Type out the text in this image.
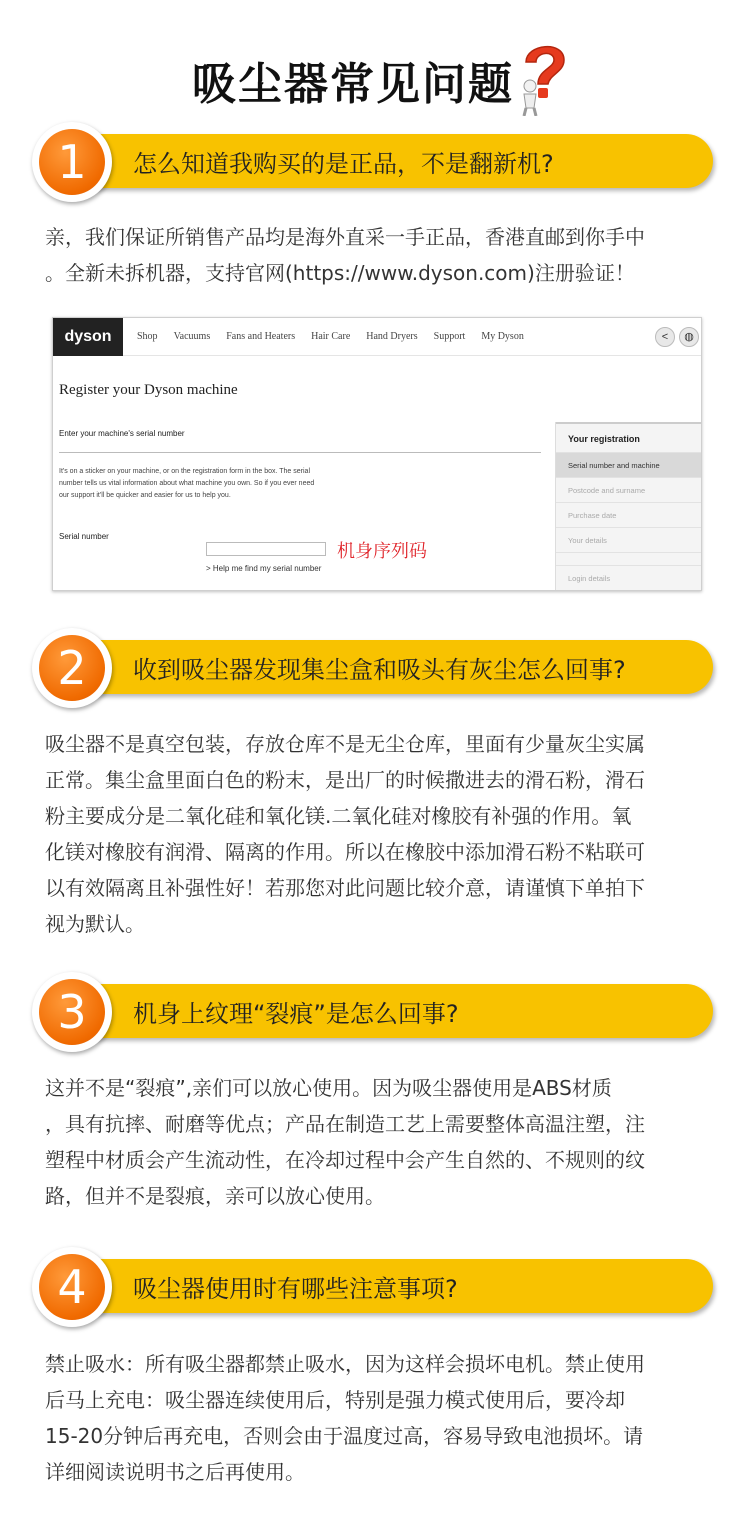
吸尘器常见问题
怎么知道我购买的是正品，不是翻新机?
1
亲，我们保证所销售产品均是海外直采一手正品，香港直邮到你手中
。全新未拆机器，支持官网(https://www.dyson.com)注册验证！
dyson	Shop Vacuums Fans and Heaters Hair Care Hand Dryers Support My Dyson	<	◍
Register your Dyson machine
Enter your machine's serial number
It's on a sticker on your machine, or on the registration form in the box. The serial
number tells us vital information about what machine you own. So if you ever need
our support it'll be quicker and easier for us to help you.
Serial number
> Help me find my serial number
机身序列码
Your registration
Serial number and machine
Postcode and surname
Purchase date
Your details
Login details
收到吸尘器发现集尘盒和吸头有灰尘怎么回事?
2
吸尘器不是真空包装，存放仓库不是无尘仓库，里面有少量灰尘实属
正常。集尘盒里面白色的粉末，是出厂的时候撒进去的滑石粉，滑石
粉主要成分是二氧化硅和氧化镁.二氧化硅对橡胶有补强的作用。氧
化镁对橡胶有润滑、隔离的作用。所以在橡胶中添加滑石粉不粘联可
以有效隔离且补强性好！若那您对此问题比较介意，请谨慎下单拍下
视为默认。
机身上纹理“裂痕”是怎么回事?
3
这并不是“裂痕”,亲们可以放心使用。因为吸尘器使用是ABS材质
，具有抗摔、耐磨等优点；产品在制造工艺上需要整体高温注塑，注
塑程中材质会产生流动性，在冷却过程中会产生自然的、不规则的纹
路，但并不是裂痕，亲可以放心使用。
吸尘器使用时有哪些注意事项?
4
禁止吸水：所有吸尘器都禁止吸水，因为这样会损坏电机。禁止使用
后马上充电：吸尘器连续使用后，特别是强力模式使用后，要冷却
15-20分钟后再充电，否则会由于温度过高，容易导致电池损坏。请
详细阅读说明书之后再使用。
